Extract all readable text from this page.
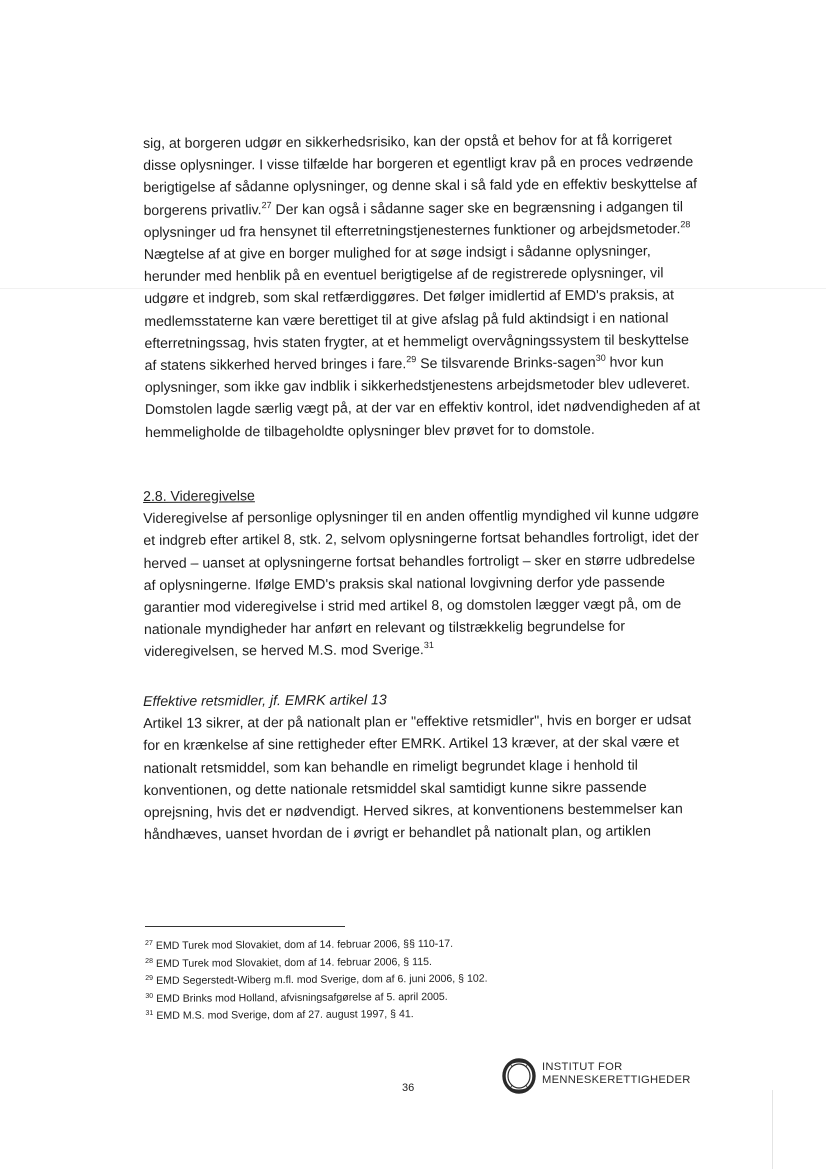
sig, at borgeren udgør en sikkerhedsrisiko, kan der opstå et behov for at få korrigeret
disse oplysninger. I visse tilfælde har borgeren et egentligt krav på en proces vedrøende
berigtigelse af sådanne oplysninger, og denne skal i så fald yde en effektiv beskyttelse af
borgerens privatliv.$^{27}$ Der kan også i sådanne sager ske en begrænsning i adgangen til
oplysninger ud fra hensynet til efterretningstjenesternes funktioner og arbejdsmetoder.$^{28}$
Nægtelse af at give en borger mulighed for at søge indsigt i sådanne oplysninger,
herunder med henblik på en eventuel berigtigelse af de registrerede oplysninger, vil
udgøre et indgreb, som skal retfærdiggøres. Det følger imidlertid af EMD's praksis, at
medlemsstaterne kan være berettiget til at give afslag på fuld aktindsigt i en national
efterretningssag, hvis staten frygter, at et hemmeligt overvågningssystem til beskyttelse
af statens sikkerhed herved bringes i fare.$^{29}$ Se tilsvarende Brinks-sagen$^{30}$ hvor kun
oplysninger, som ikke gav indblik i sikkerhedstjenestens arbejdsmetoder blev udleveret.
Domstolen lagde særlig vægt på, at der var en effektiv kontrol, idet nødvendigheden af at
hemmeligholde de tilbageholdte oplysninger blev prøvet for to domstole.
2.8. Videregivelse
Videregivelse af personlige oplysninger til en anden offentlig myndighed vil kunne udgøre
et indgreb efter artikel 8, stk. 2, selvom oplysningerne fortsat behandles fortroligt, idet der
herved – uanset at oplysningerne fortsat behandles fortroligt – sker en større udbredelse
af oplysningerne. Ifølge EMD's praksis skal national lovgivning derfor yde passende
garantier mod videregivelse i strid med artikel 8, og domstolen lægger vægt på, om de
nationale myndigheder har anført en relevant og tilstrækkelig begrundelse for
videregivelsen, se herved M.S. mod Sverige.$^{31}$
Effektive retsmidler, jf. EMRK artikel 13
Artikel 13 sikrer, at der på nationalt plan er "effektive retsmidler", hvis en borger er udsat
for en krænkelse af sine rettigheder efter EMRK. Artikel 13 kræver, at der skal være et
nationalt retsmiddel, som kan behandle en rimeligt begrundet klage i henhold til
konventionen, og dette nationale retsmiddel skal samtidigt kunne sikre passende
oprejsning, hvis det er nødvendigt. Herved sikres, at konventionens bestemmelser kan
håndhæves, uanset hvordan de i øvrigt er behandlet på nationalt plan, og artiklen
$^{27}$ EMD Turek mod Slovakiet, dom af 14. februar 2006, §§ 110-17.
$^{28}$ EMD Turek mod Slovakiet, dom af 14. februar 2006, § 115.
$^{29}$ EMD Segerstedt-Wiberg m.fl. mod Sverige, dom af 6. juni 2006, § 102.
$^{30}$ EMD Brinks mod Holland, afvisningsafgørelse af 5. april 2005.
$^{31}$ EMD M.S. mod Sverige, dom af 27. august 1997, § 41.
36
INSTITUT FOR
MENNESKERETTIGHEDER
